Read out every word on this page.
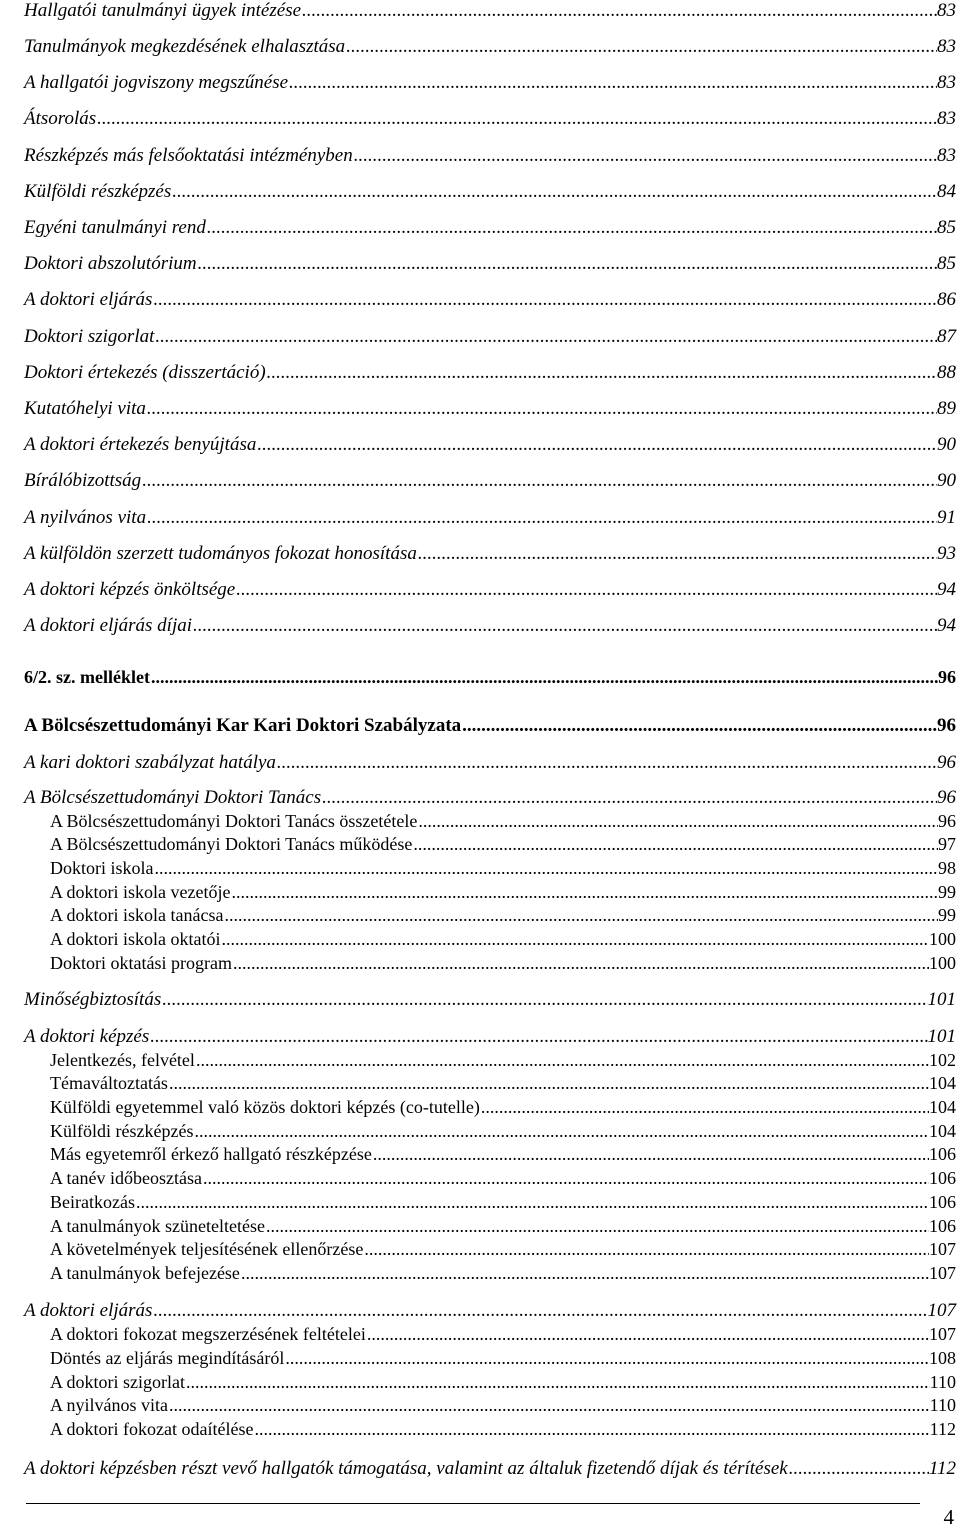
Hallgatói tanulmányi ügyek intézése .....	83
Tanulmányok megkezdésének elhalasztása .....	83
A hallgatói jogviszony megszűnése .....	83
Átsorolás .....	83
Részképzés más felsőoktatási intézményben .....	83
Külföldi részképzés .....	84
Egyéni tanulmányi rend .....	85
Doktori abszolutórium .....	85
A doktori eljárás .....	86
Doktori szigorlat .....	87
Doktori értekezés (disszertáció) .....	88
Kutatóhelyi vita .....	89
A doktori értekezés benyújtása .....	90
Bírálóbizottság .....	90
A nyilvános vita .....	91
A külföldön szerzett tudományos fokozat honosítása .....	93
A doktori képzés önköltsége .....	94
A doktori eljárás díjai .....	94
6/2. sz. melléklet .....	96
A Bölcsészettudományi Kar Kari Doktori Szabályzata .....	96
A kari doktori szabályzat hatálya .....	96
A Bölcsészettudományi Doktori Tanács .....	96
A Bölcsészettudományi Doktori Tanács összetétele .....	96
A Bölcsészettudományi Doktori Tanács működése .....	97
Doktori iskola .....	98
A doktori iskola vezetője .....	99
A doktori iskola tanácsa .....	99
A doktori iskola oktatói .....	100
Doktori oktatási program .....	100
Minőségbiztosítás .....	101
A doktori képzés .....	101
Jelentkezés, felvétel .....	102
Témaváltoztatás .....	104
Külföldi egyetemmel való közös doktori képzés (co-tutelle) .....	104
Külföldi részképzés .....	104
Más egyetemről érkező hallgató részképzése .....	106
A tanév időbeosztása .....	106
Beiratkozás .....	106
A tanulmányok szüneteltetése .....	106
A követelmények teljesítésének ellenőrzése .....	107
A tanulmányok befejezése .....	107
A doktori eljárás .....	107
A doktori fokozat megszerzésének feltételei .....	107
Döntés az eljárás megindításáról .....	108
A doktori szigorlat .....	110
A nyilvános vita .....	110
A doktori fokozat odaítélése .....	112
A doktori képzésben részt vevő hallgatók támogatása, valamint az általuk fizetendő díjak és térítések .....	112
4
